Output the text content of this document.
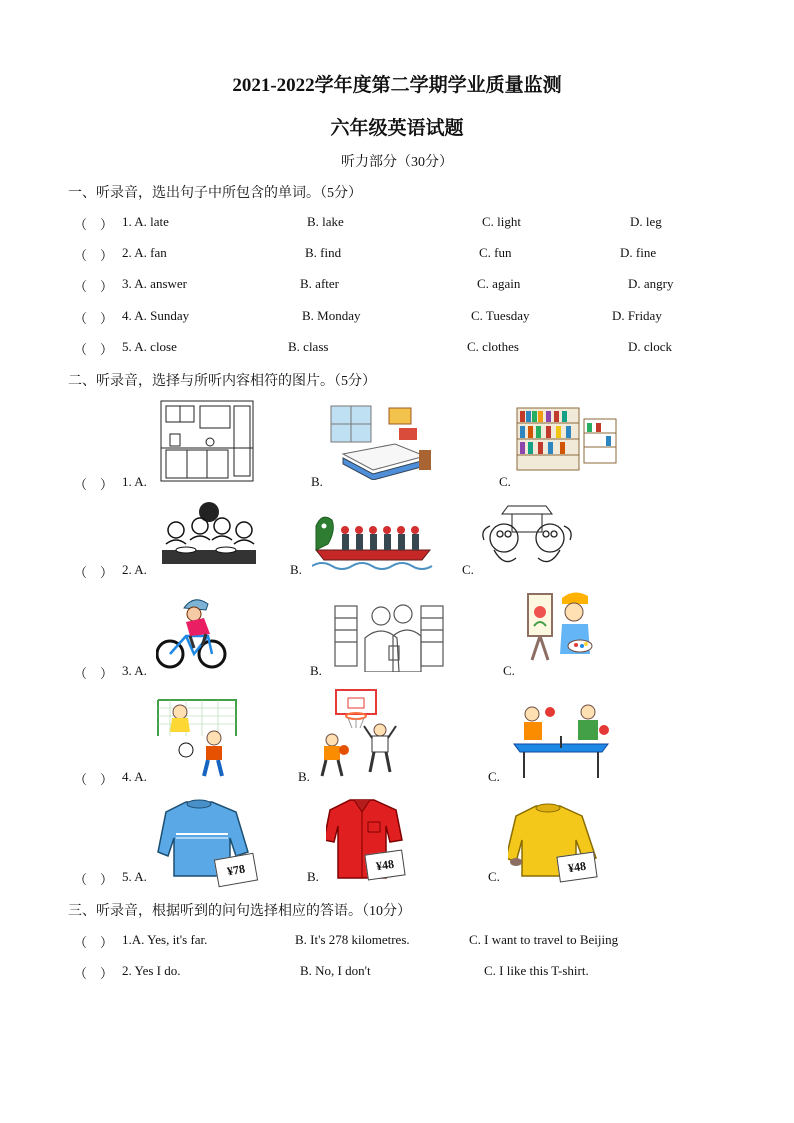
2021-2022学年度第二学期学业质量监测
六年级英语试题
听力部分（30分）
一、听录音，选出句子中所包含的单词。（5分）
（　） 1. A. late	B. lake	C. light	D. leg
（　） 2. A. fan	B. find	C. fun	D. fine
（　） 3. A. answer	B. after	C. again	D. angry
（　） 4. A. Sunday	B. Monday	C. Tuesday	D. Friday
（　） 5. A. close	B. class	C. clothes	D. clock
二、听录音，选择与所听内容相符的图片。（5分）
（　） 1. A.	B.	C.
（　） 2. A.	B.	C.
（　） 3. A.	B.	C.
（　） 4. A.	B.	C.
¥78	¥48	¥48
（　） 5. A.	B.	C.
三、听录音，根据听到的问句选择相应的答语。（10分）
（　） 1.A. Yes, it's far.	B. It's 278 kilometres.	C. I want to travel to Beijing
（　） 2. Yes I do.	B. No, I don't	C. I like this T-shirt.
